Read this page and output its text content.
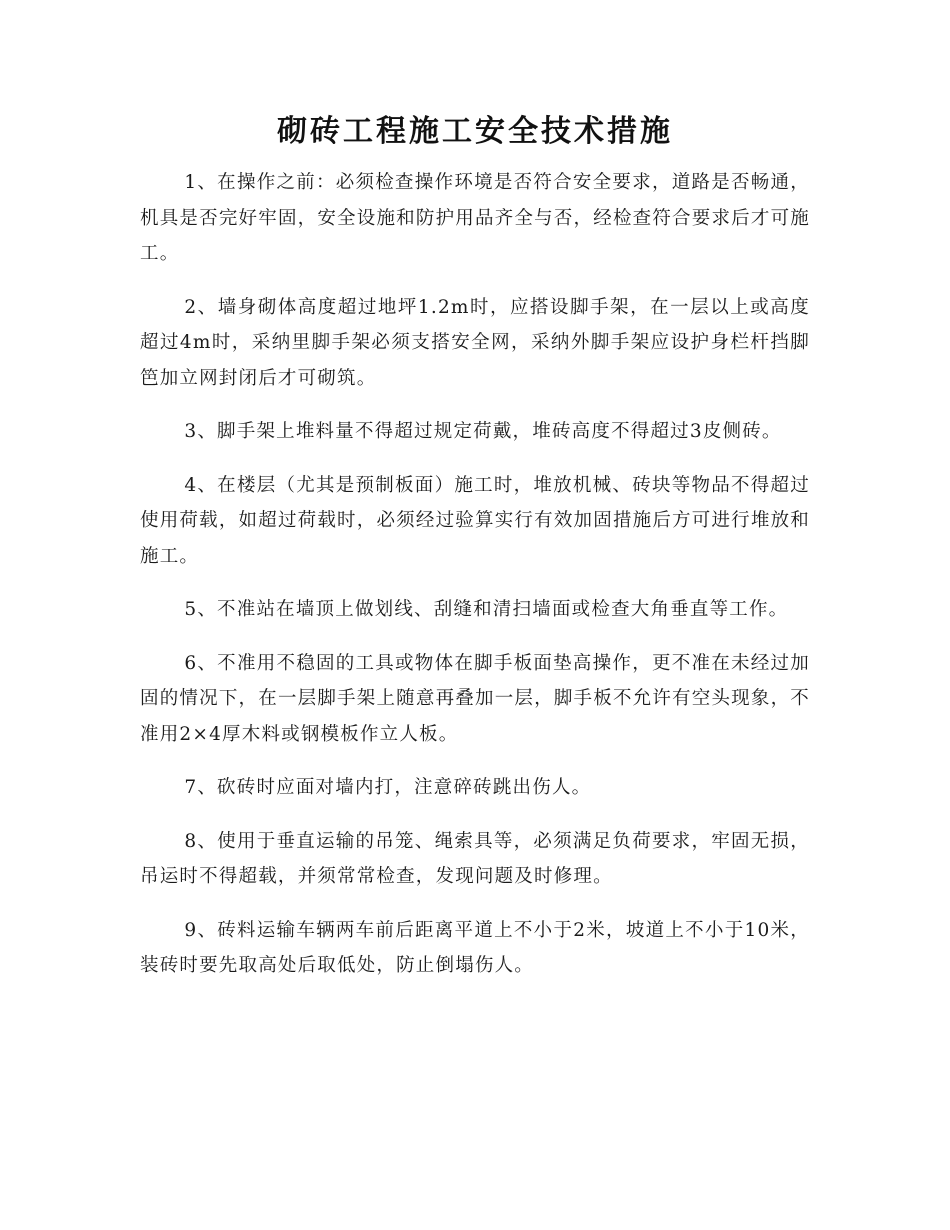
砌砖工程施工安全技术措施

1、在操作之前：必须检查操作环境是否符合安全要求，道路是否畅通，机具是否完好牢固，安全设施和防护用品齐全与否，经检查符合要求后才可施工。

2、墙身砌体高度超过地坪1.2m时，应搭设脚手架，在一层以上或高度超过4m时，采纳里脚手架必须支搭安全网，采纳外脚手架应设护身栏杆挡脚笆加立网封闭后才可砌筑。

3、脚手架上堆料量不得超过规定荷戴，堆砖高度不得超过3皮侧砖。

4、在楼层（尤其是预制板面）施工时，堆放机械、砖块等物品不得超过使用荷载，如超过荷载时，必须经过验算实行有效加固措施后方可进行堆放和施工。

5、不准站在墙顶上做划线、刮缝和清扫墙面或检查大角垂直等工作。

6、不准用不稳固的工具或物体在脚手板面垫高操作，更不准在未经过加固的情况下，在一层脚手架上随意再叠加一层，脚手板不允许有空头现象，不准用2×4厚木料或钢模板作立人板。

7、砍砖时应面对墙内打，注意碎砖跳出伤人。

8、使用于垂直运输的吊笼、绳索具等，必须满足负荷要求，牢固无损，吊运时不得超载，并须常常检查，发现问题及时修理。

9、砖料运输车辆两车前后距离平道上不小于2米，坡道上不小于10米，装砖时要先取高处后取低处，防止倒塌伤人。
